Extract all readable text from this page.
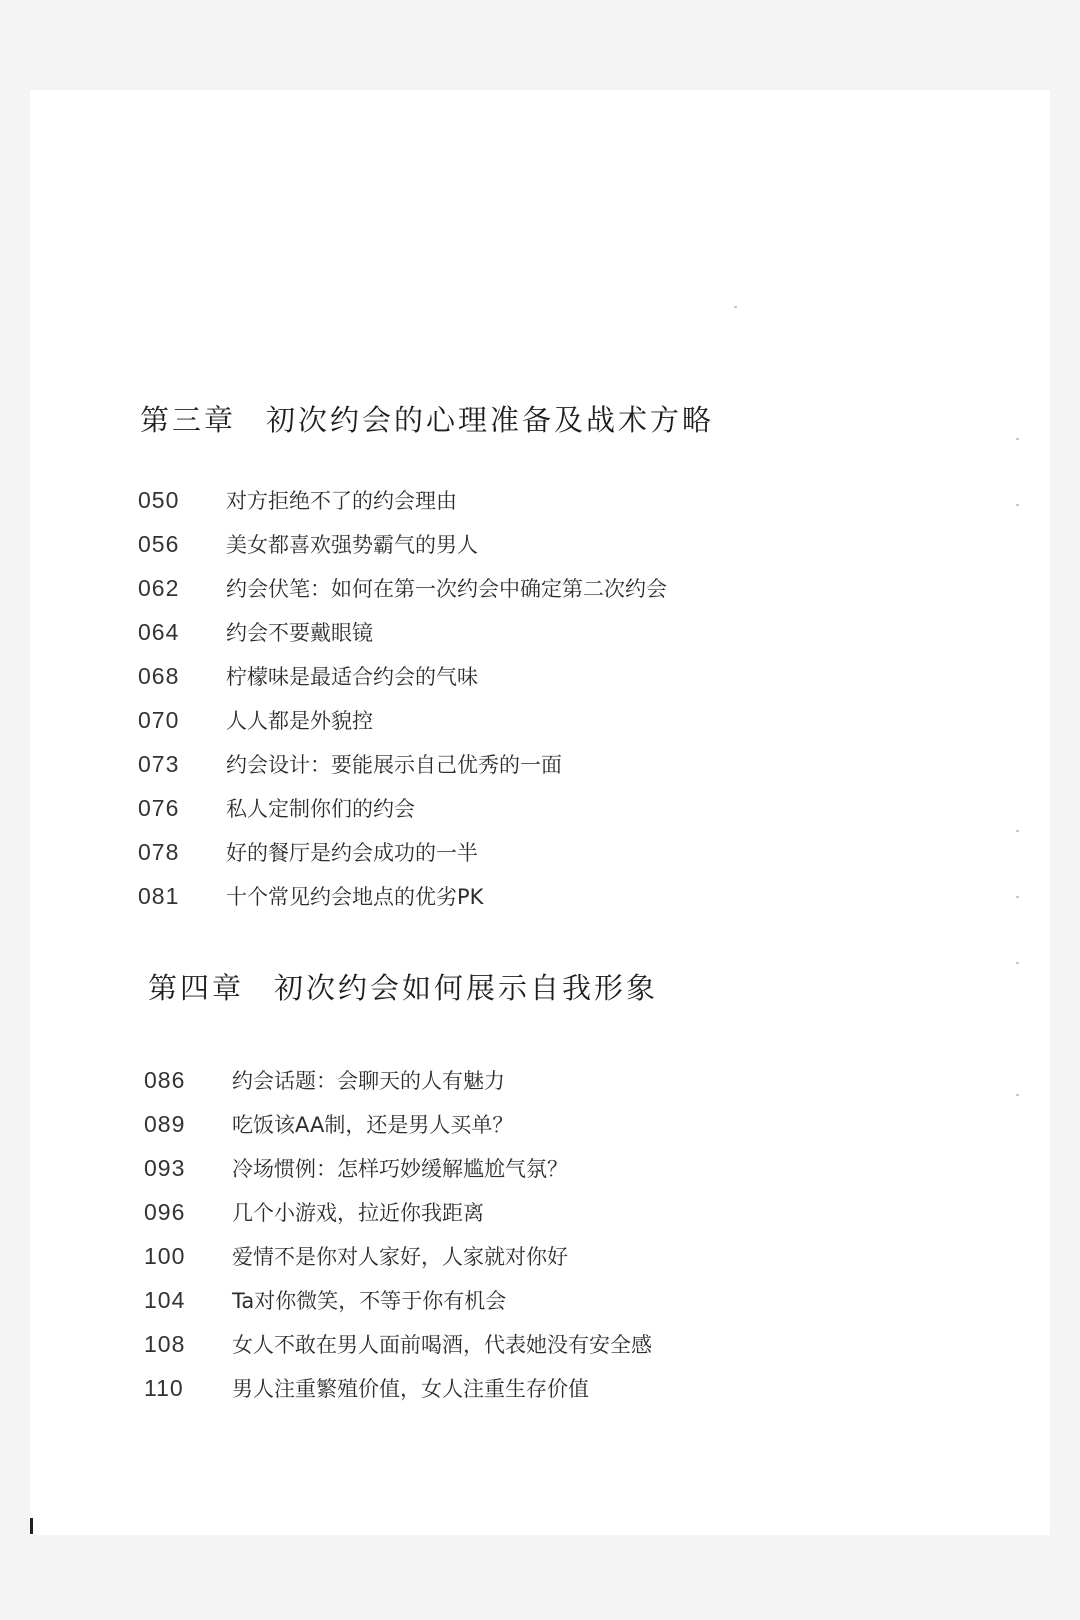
第三章 初次约会的心理准备及战术方略
050 对方拒绝不了的约会理由
056 美女都喜欢强势霸气的男人
062 约会伏笔：如何在第一次约会中确定第二次约会
064 约会不要戴眼镜
068 柠檬味是最适合约会的气味
070 人人都是外貌控
073 约会设计：要能展示自己优秀的一面
076 私人定制你们的约会
078 好的餐厅是约会成功的一半
081 十个常见约会地点的优劣PK
第四章 初次约会如何展示自我形象
086 约会话题：会聊天的人有魅力
089 吃饭该AA制，还是男人买单？
093 冷场惯例：怎样巧妙缓解尴尬气氛？
096 几个小游戏，拉近你我距离
100 爱情不是你对人家好，人家就对你好
104 Ta对你微笑，不等于你有机会
108 女人不敢在男人面前喝酒，代表她没有安全感
110 男人注重繁殖价值，女人注重生存价值
